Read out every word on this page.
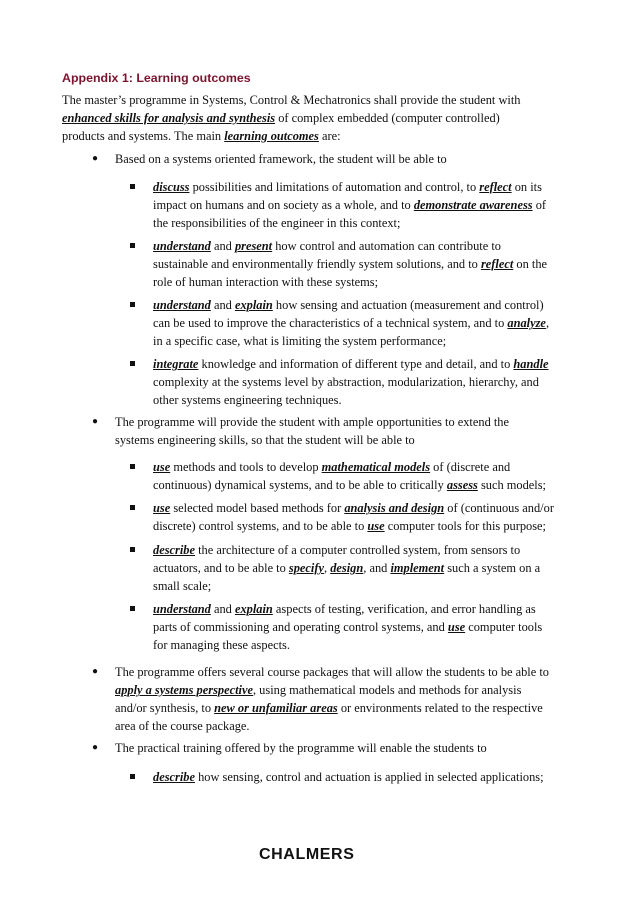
Appendix 1: Learning outcomes
The master’s programme in Systems, Control & Mechatronics shall provide the student with
enhanced skills for analysis and synthesis of complex embedded (computer controlled)
products and systems. The main learning outcomes are:
● Based on a systems oriented framework, the student will be able to
discuss possibilities and limitations of automation and control, to reflect on its
impact on humans and on society as a whole, and to demonstrate awareness of
the responsibilities of the engineer in this context;
understand and present how control and automation can contribute to
sustainable and environmentally friendly system solutions, and to reflect on the
role of human interaction with these systems;
understand and explain how sensing and actuation (measurement and control)
can be used to improve the characteristics of a technical system, and to analyze,
in a specific case, what is limiting the system performance;
integrate knowledge and information of different type and detail, and to handle
complexity at the systems level by abstraction, modularization, hierarchy, and
other systems engineering techniques.
● The programme will provide the student with ample opportunities to extend the
systems engineering skills, so that the student will be able to
use methods and tools to develop mathematical models of (discrete and
continuous) dynamical systems, and to be able to critically assess such models;
use selected model based methods for analysis and design of (continuous and/or
discrete) control systems, and to be able to use computer tools for this purpose;
describe the architecture of a computer controlled system, from sensors to
actuators, and to be able to specify, design, and implement such a system on a
small scale;
understand and explain aspects of testing, verification, and error handling as
parts of commissioning and operating control systems, and use computer tools
for managing these aspects.
● The programme offers several course packages that will allow the students to be able to
apply a systems perspective, using mathematical models and methods for analysis
and/or synthesis, to new or unfamiliar areas or environments related to the respective
area of the course package.
● The practical training offered by the programme will enable the students to
describe how sensing, control and actuation is applied in selected applications;
CHALMERS
